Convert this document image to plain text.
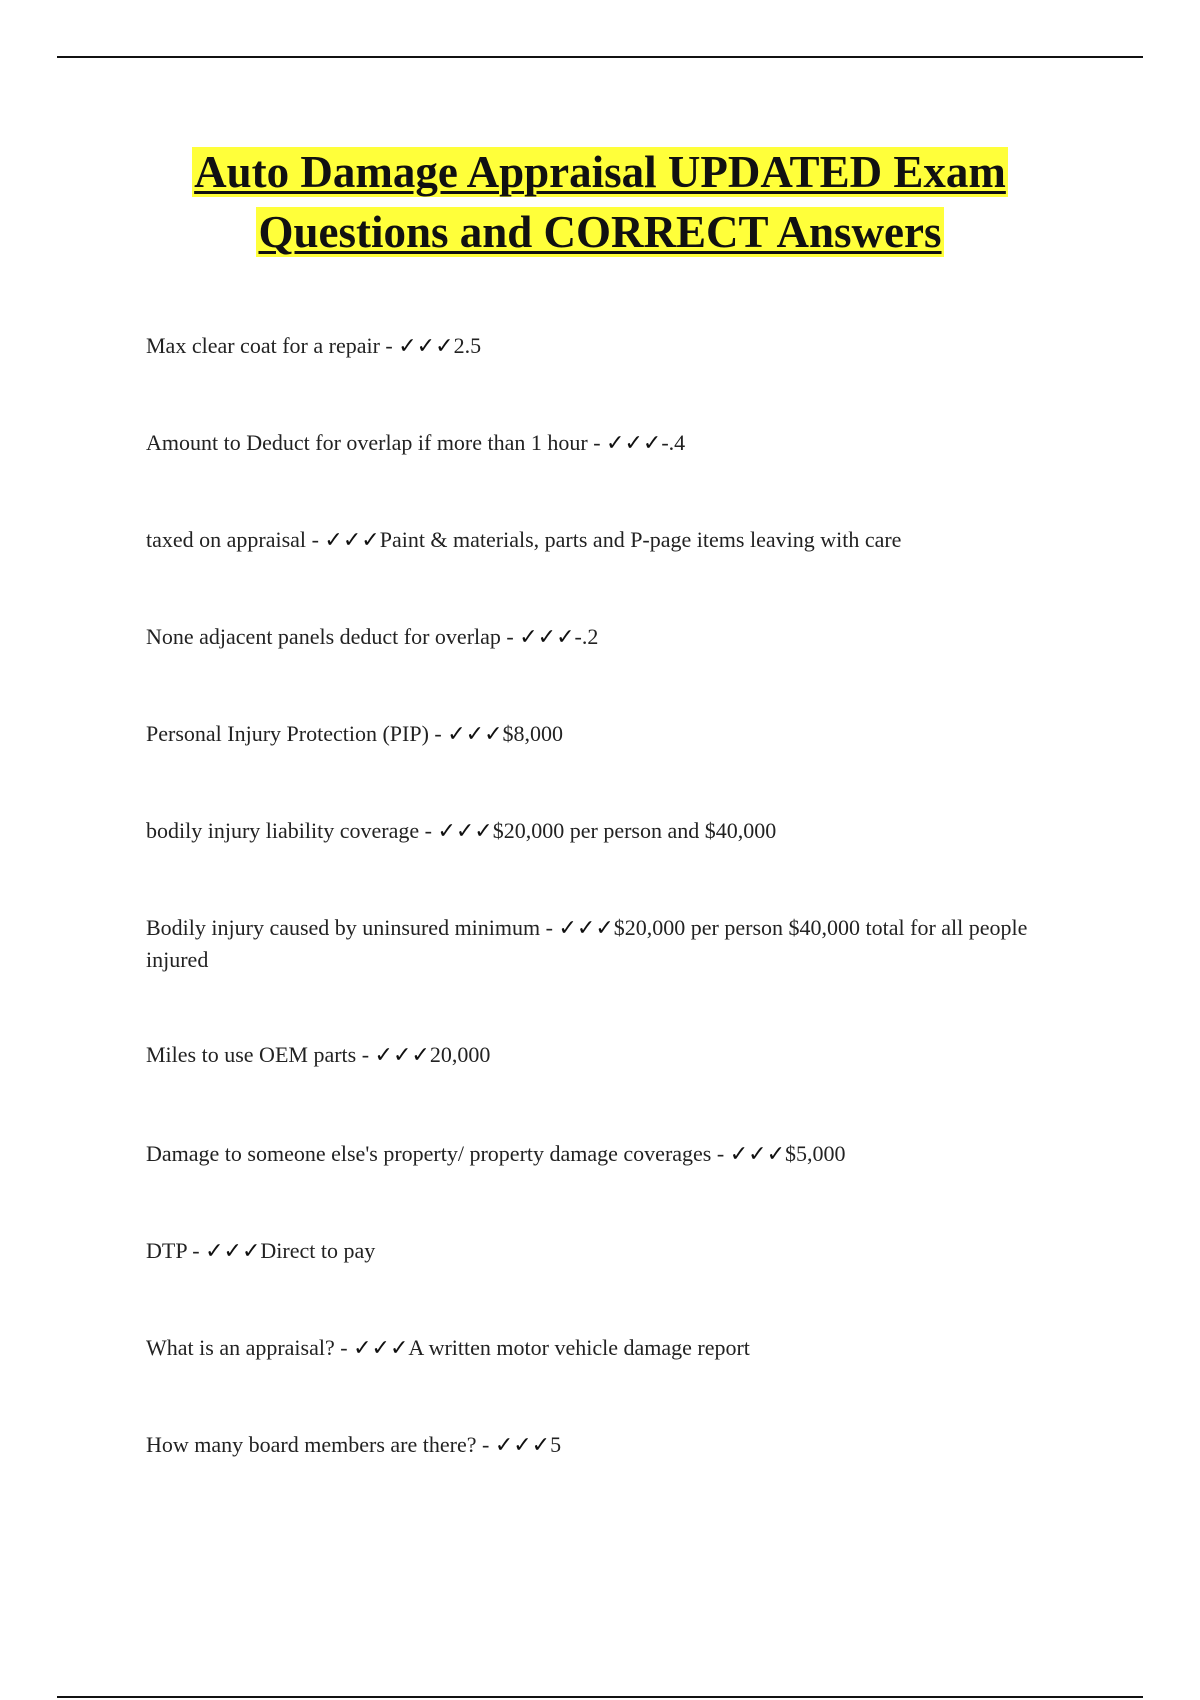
Auto Damage Appraisal UPDATED Exam
Questions and CORRECT Answers
Max clear coat for a repair - ✓✓✓2.5
Amount to Deduct for overlap if more than 1 hour - ✓✓✓-.4
taxed on appraisal - ✓✓✓Paint & materials, parts and P-page items leaving with care
None adjacent panels deduct for overlap - ✓✓✓-.2
Personal Injury Protection (PIP) - ✓✓✓$8,000
bodily injury liability coverage - ✓✓✓$20,000 per person and $40,000
Bodily injury caused by uninsured minimum - ✓✓✓$20,000 per person $40,000 total for all people injured
Miles to use OEM parts - ✓✓✓20,000
Damage to someone else's property/ property damage coverages - ✓✓✓$5,000
DTP - ✓✓✓Direct to pay
What is an appraisal? - ✓✓✓A written motor vehicle damage report
How many board members are there? - ✓✓✓5
